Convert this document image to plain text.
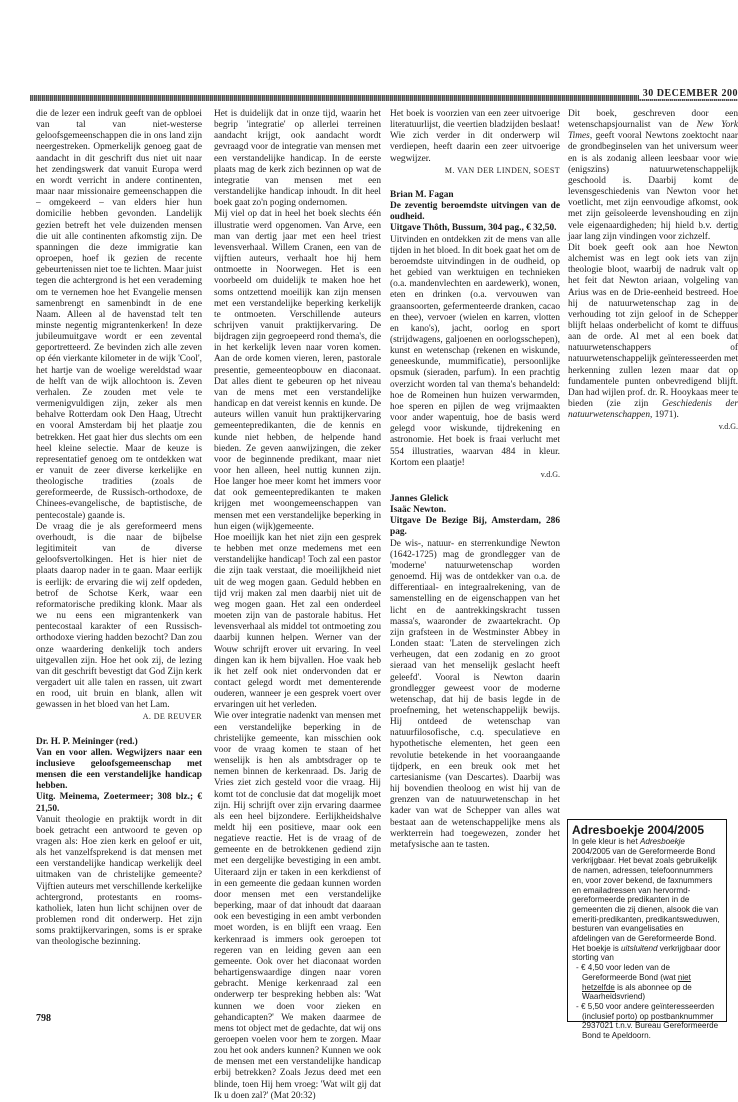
30 DECEMBER 200

die de lezer een indruk geeft van de opbloei van tal van niet-westerse geloofsgemeenschappen die in ons land zijn neergestreken. Opmerkelijk genoeg gaat de aandacht in dit geschrift dus niet uit naar het zendingswerk dat vanuit Europa werd en wordt verricht in andere continenten, maar naar missionaire gemeenschappen die – omgekeerd – van elders hier hun domicilie hebben gevonden. Landelijk gezien betreft het vele duizenden mensen die uit alle continenten afkomstig zijn. De spanningen die deze immigratie kan oproepen, hoef ik gezien de recente gebeurtenissen niet toe te lichten. Maar juist tegen die achtergrond is het een verademing om te vernemen hoe het Evangelie mensen samenbrengt en samenbindt in de ene Naam. Alleen al de havenstad telt ten minste negentig migrantenkerken! In deze jubileumuitgave wordt er een zevental geportretteerd. Ze bevinden zich alle zeven op één vierkante kilometer in de wijk 'Cool', het hartje van de woelige wereldstad waar de helft van de wijk allochtoon is. Zeven verhalen. Ze zouden met vele te vermenigvuldigen zijn, zeker als men behalve Rotterdam ook Den Haag, Utrecht en vooral Amsterdam bij het plaatje zou betrekken. Het gaat hier dus slechts om een heel kleine selectie. Maar de keuze is representatief genoeg om te ontdekken wat er vanuit de zeer diverse kerkelijke en theologische tradities (zoals de gereformeerde, de Russisch-orthodoxe, de Chinees-evangelische, de baptistische, de pentecostale) gaande is.

De vraag die je als gereformeerd mens overhoudt, is die naar de bijbelse legitimiteit van de diverse geloofsvertolkingen. Het is hier niet de plaats daarop nader in te gaan. Maar eerlijk is eerlijk: de ervaring die wij zelf opdeden, betrof de Schotse Kerk, waar een reformatorische prediking klonk. Maar als we nu eens een migrantenkerk van pentecostaal karakter of een Russisch-orthodoxe viering hadden bezocht? Dan zou onze waardering denkelijk toch anders uitgevallen zijn. Hoe het ook zij, de lezing van dit geschrift bevestigt dat God Zijn kerk vergadert uit alle talen en rassen, uit zwart en rood, uit bruin en blank, allen wit gewassen in het bloed van het Lam.

A. DE REUVER

Dr. H. P. Meininger (red.)

Van en voor allen. Wegwijzers naar een inclusieve geloofsgemeenschap met mensen die een verstandelijke handicap hebben.

Uitg. Meinema, Zoetermeer; 308 blz.; € 21,50.

Vanuit theologie en praktijk wordt in dit boek getracht een antwoord te geven op vragen als: Hoe zien kerk en geloof er uit, als het vanzelfsprekend is dat mensen met een verstandelijke handicap werkelijk deel uitmaken van de christelijke gemeente? Vijftien auteurs met verschillende kerkelijke achtergrond, protestants en rooms-katholiek, laten hun licht schijnen over de problemen rond dit onderwerp. Het zijn soms praktijkervaringen, soms is er sprake van theologische bezinning.

Het is duidelijk dat in onze tijd, waarin het begrip 'integratie' op allerlei terreinen aandacht krijgt, ook aandacht wordt gevraagd voor de integratie van mensen met een verstandelijke handicap. In de eerste plaats mag de kerk zich bezinnen op wat de integratie van mensen met een verstandelijke handicap inhoudt. In dit heel boek gaat zo'n poging ondernomen.

Mij viel op dat in heel het boek slechts één illustratie werd opgenomen. Van Arve, een man van dertig jaar met een heel triest levensverhaal. Willem Cranen, een van de vijftien auteurs, verhaalt hoe hij hem ontmoette in Noorwegen. Het is een voorbeeld om duidelijk te maken hoe het soms ontzettend moeilijk kan zijn mensen met een verstandelijke beperking kerkelijk te ontmoeten. Verschillende auteurs schrijven vanuit praktijkervaring. De bijdragen zijn gegroepeerd rond thema's, die in het kerkelijk leven naar voren komen. Aan de orde komen vieren, leren, pastorale presentie, gemeenteopbouw en diaconaat. Dat alles dient te gebeuren op het niveau van de mens met een verstandelijke handicap en dat vereist kennis en kunde. De auteurs willen vanuit hun praktijkervaring gemeentepredikanten, die de kennis en kunde niet hebben, de helpende hand bieden. Ze geven aanwijzingen, die zeker voor de beginnende predikant, maar niet voor hen alleen, heel nuttig kunnen zijn. Hoe langer hoe meer komt het immers voor dat ook gemeentepredikanten te maken krijgen met woongemeenschappen van mensen met een verstandelijke beperking in hun eigen (wijk)gemeente.

Hoe moeilijk kan het niet zijn een gesprek te hebben met onze medemens met een verstandelijke handicap! Toch zal een pastor die zijn taak verstaat, die moeilijkheid niet uit de weg mogen gaan. Geduld hebben en tijd vrij maken zal men daarbij niet uit de weg mogen gaan. Het zal een onderdeel moeten zijn van de pastorale habitus. Het levensverhaal als middel tot ontmoeting zou daarbij kunnen helpen. Werner van der Wouw schrijft erover uit ervaring. In veel dingen kan ik hem bijvallen. Hoe vaak heb ik het zelf ook niet ondervonden dat er contact gelegd wordt met dementerende ouderen, wanneer je een gesprek voert over ervaringen uit het verleden.

Wie over integratie nadenkt van mensen met een verstandelijke beperking in de christelijke gemeente, kan misschien ook voor de vraag komen te staan of het wenselijk is hen als ambtsdrager op te nemen binnen de kerkenraad. Ds. Jarig de Vries ziet zich gesteld voor die vraag. Hij komt tot de conclusie dat dat mogelijk moet zijn. Hij schrijft over zijn ervaring daarmee als een heel bijzondere. Eerlijkheidshalve meldt hij een positieve, maar ook een negatieve reactie. Het is de vraag of de gemeente en de betrokkenen gediend zijn met een dergelijke bevestiging in een ambt. Uiteraard zijn er taken in een kerkdienst of in een gemeente die gedaan kunnen worden door mensen met een verstandelijke beperking, maar of dat inhoudt dat daaraan ook een bevestiging in een ambt verbonden moet worden, is en blijft een vraag. Een kerkenraad is immers ook geroepen tot regeren van en leiding geven aan een gemeente. Ook over het diaconaat worden behartigenswaardige dingen naar voren gebracht. Menige kerkenraad zal een onderwerp ter bespreking hebben als: 'Wat kunnen we doen voor zieken en gehandicapten?' We maken daarmee de mens tot object met de gedachte, dat wij ons geroepen voelen voor hem te zorgen. Maar zou het ook anders kunnen? Kunnen we ook de mensen met een verstandelijke handicap erbij betrekken? Zoals Jezus deed met een blinde, toen Hij hem vroeg: 'Wat wilt gij dat Ik u doen zal?' (Mat 20:32)

Het boek is voorzien van een zeer uitvoerige literatuurlijst, die veertien bladzijden beslaat! Wie zich verder in dit onderwerp wil verdiepen, heeft daarin een zeer uitvoerige wegwijzer.

M. VAN DER LINDEN, SOEST

Brian M. Fagan

De zeventig beroemdste uitvingen van de oudheid.

Uitgave Thôth, Bussum, 304 pag., € 32,50.

Uitvinden en ontdekken zit de mens van alle tijden in het bloed. In dit boek gaat het om de beroemdste uitvindingen in de oudheid, op het gebied van werktuigen en technieken (o.a. mandenvlechten en aardewerk), wonen, eten en drinken (o.a. vervouwen van graansoorten, gefermenteerde dranken, cacao en thee), vervoer (wielen en karren, vlotten en kano's), jacht, oorlog en sport (strijdwagens, galjoenen en oorlogsschepen), kunst en wetenschap (rekenen en wiskunde, geneeskunde, mummificatie), persoonlijke opsmuk (sieraden, parfum). In een prachtig overzicht worden tal van thema's behandeld: hoe de Romeinen hun huizen verwarmden, hoe speren en pijlen de weg vrijmaakten voor ander wapentuig, hoe de basis werd gelegd voor wiskunde, tijdrekening en astronomie. Het boek is fraai verlucht met 554 illustraties, waarvan 484 in kleur. Kortom een plaatje!

v.d.G.

Jannes Glelick

Isaäc Newton.

Uitgave De Bezige Bij, Amsterdam, 286 pag.

De wis-, natuur- en sterrenkundige Newton (1642-1725) mag de grondlegger van de 'moderne' natuurwetenschap worden genoemd. Hij was de ontdekker van o.a. de differentiaal- en integraalrekening, van de samenstelling en de eigenschappen van het licht en de aantrekkingskracht tussen massa's, waaronder de zwaartekracht. Op zijn grafsteen in de Westminster Abbey in Londen staat: 'Laten de stervelingen zich verheugen, dat een zodanig en zo groot sieraad van het menselijk geslacht heeft geleefd'. Vooral is Newton daarin grondlegger geweest voor de moderne wetenschap, dat hij de basis legde in de proefneming, het wetenschappelijk bewijs. Hij ontdeed de wetenschap van natuurfilosofische, c.q. speculatieve en hypothetische elementen, het geen een revolutie betekende in het vooraangaande tijdperk, en een breuk ook met het cartesianisme (van Descartes). Daarbij was hij bovendien theoloog en wist hij van de grenzen van de natuurwetenschap in het kader van wat de Schepper van alles wat bestaat aan de wetenschappelijke mens als werkterrein had toegewezen, zonder het metafysische aan te tasten.

Dit boek, geschreven door een wetenschapsjournalist van de New York Times, geeft vooral Newtons zoektocht naar de grondbeginselen van het universum weer en is als zodanig alleen leesbaar voor wie (enigszins) natuurwetenschappelijk geschoold is. Daarbij komt de levensgeschiedenis van Newton voor het voetlicht, met zijn eenvoudige afkomst, ook met zijn geïsoleerde levenshouding en zijn vele eigenaardigheden; hij hield b.v. dertig jaar lang zijn vindingen voor zichzelf.

Dit boek geeft ook aan hoe Newton alchemist was en legt ook iets van zijn theologie bloot, waarbij de nadruk valt op het feit dat Newton ariaan, volgeling van Arius was en de Drie-eenheid bestreed. Hoe hij de natuurwetenschap zag in de verhouding tot zijn geloof in de Schepper blijft helaas onderbelicht of komt te diffuus aan de orde. Al met al een boek dat natuurwetenschappers of natuurwetenschappelijk geïnteresseerden met herkenning zullen lezen maar dat op fundamentele punten onbevredigend blijft. Dan had wijlen prof. dr. R. Hooykaas meer te bieden (zie zijn Geschiedenis der natuurwetenschappen, 1971).

v.d.G.

Adresboekje 2004/2005

In gele kleur is het Adresboekje 2004/2005 van de Gereformeerde Bond verkrijgbaar. Het bevat zoals gebruikelijk de namen, adressen, telefoonnummers en, voor zover bekend, de faxnummers en emailadressen van hervormd-gereformeerde predikanten in de gemeenten die zij dienen, alsook die van emeriti-predikanten, predikantsweduwen, besturen van evangelisaties en afdelingen van de Gereformeerde Bond. Het boekje is uitsluitend verkrijgbaar door storting van

- € 4,50 voor leden van de Gereformeerde Bond (wat niet hetzelfde is als abonnee op de Waarheidsvriend)
- € 5,50 voor andere geïnteresseerden (inclusief porto) op postbanknummer 2937021 t.n.v. Bureau Gereformeerde Bond te Apeldoorn.
798
